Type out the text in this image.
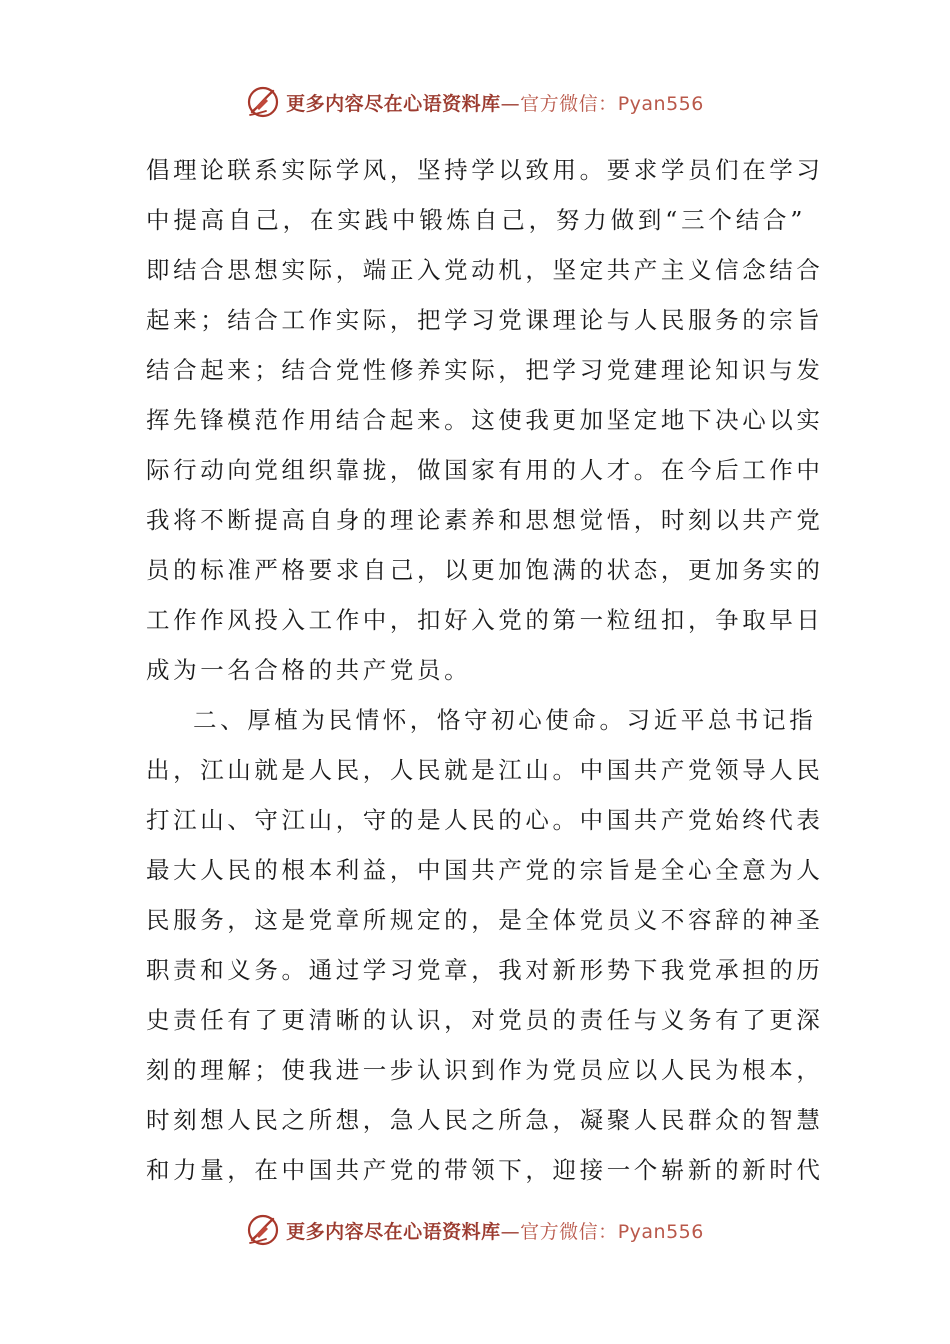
更多内容尽在心语资料库—官方微信：Pyan556
倡理论联系实际学风，坚持学以致用。要求学员们在学习
中提高自己，在实践中锻炼自己，努力做到“三个结合”
即结合思想实际，端正入党动机，坚定共产主义信念结合
起来；结合工作实际，把学习党课理论与人民服务的宗旨
结合起来；结合党性修养实际，把学习党建理论知识与发
挥先锋模范作用结合起来。这使我更加坚定地下决心以实
际行动向党组织靠拢，做国家有用的人才。在今后工作中
我将不断提高自身的理论素养和思想觉悟，时刻以共产党
员的标准严格要求自己，以更加饱满的状态，更加务实的
工作作风投入工作中，扣好入党的第一粒纽扣，争取早日
成为一名合格的共产党员。
二、厚植为民情怀，恪守初心使命。习近平总书记指
出，江山就是人民，人民就是江山。中国共产党领导人民
打江山、守江山，守的是人民的心。中国共产党始终代表
最大人民的根本利益，中国共产党的宗旨是全心全意为人
民服务，这是党章所规定的，是全体党员义不容辞的神圣
职责和义务。通过学习党章，我对新形势下我党承担的历
史责任有了更清晰的认识，对党员的责任与义务有了更深
刻的理解；使我进一步认识到作为党员应以人民为根本，
时刻想人民之所想，急人民之所急，凝聚人民群众的智慧
和力量，在中国共产党的带领下，迎接一个崭新的新时代
更多内容尽在心语资料库—官方微信：Pyan556
